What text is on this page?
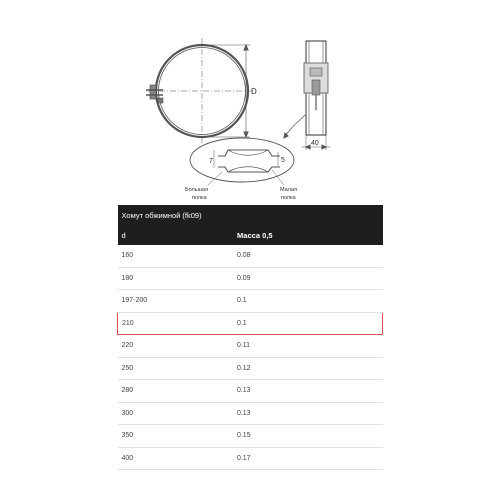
D
40
7	5
Большая
полка
Малая
полка
Хомут обжимной (fk09)	
d	Масса 0,5
160	0.08
180	0.09
197-200	0.1
210	0.1
220	0.11
250	0.12
280	0.13
300	0.13
350	0.15
400	0.17
